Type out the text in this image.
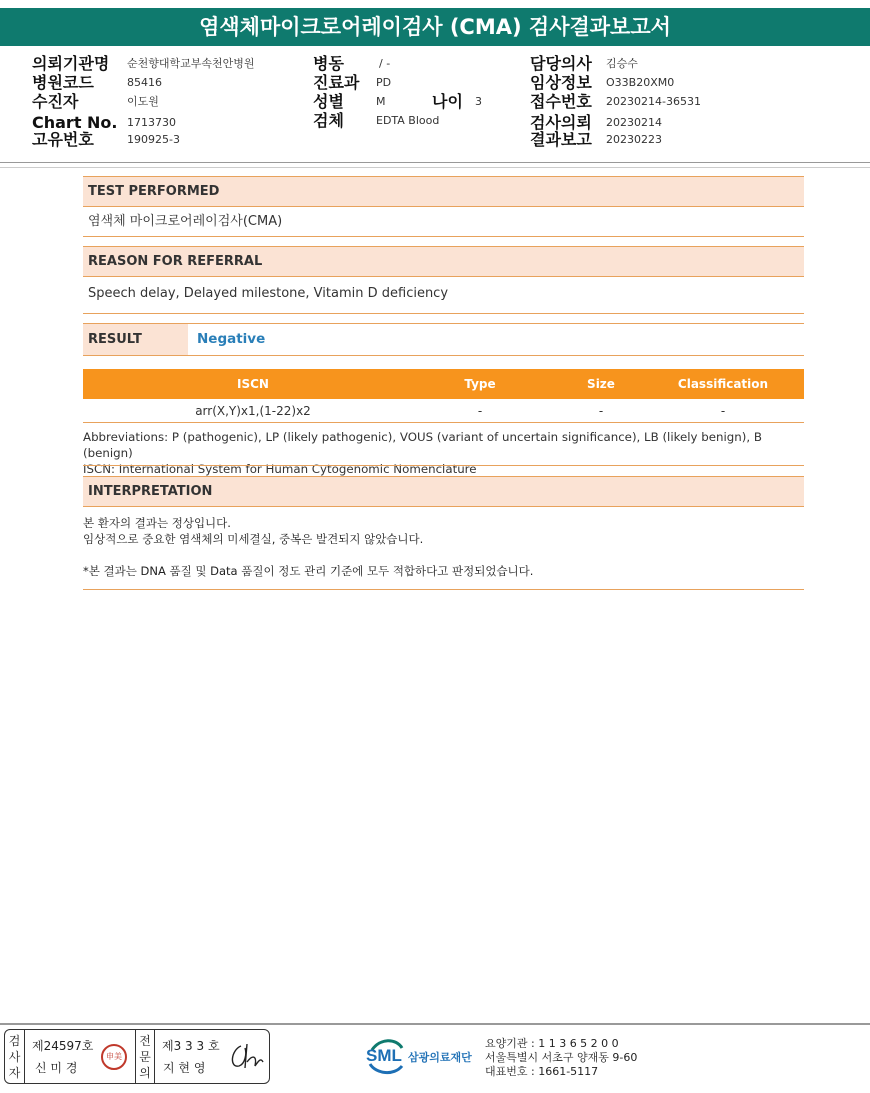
염색체마이크로어레이검사 (CMA) 검사결과보고서
의뢰기관명 순천향대학교부속천안병원
병원코드	85416
수진자	이도원
Chart No. 1713730
고유번호	190925-3
병동	/ -
진료과 PD
성별	M	나이 3
검체	EDTA Blood
담당의사 김승수
임상정보 O33B20XM0
접수번호 20230214-36531
검사의뢰 20230214
결과보고 20230223
TEST PERFORMED
염색체 마이크로어레이검사(CMA)
REASON FOR REFERRAL
Speech delay, Delayed milestone, Vitamin D deficiency
RESULT	Negative
ISCN	Type	Size	Classification
arr(X,Y)x1,(1-22)x2	-	-	-
Abbreviations: P (pathogenic), LP (likely pathogenic), VOUS (variant of uncertain significance), LB (likely benign), B (benign)
ISCN: International System for Human Cytogenomic Nomenclature
INTERPRETATION
본 환자의 결과는 정상입니다.
임상적으로 중요한 염색체의 미세결실, 중복은 발견되지 않았습니다.
*본 결과는 DNA 품질 및 Data 품질이 정도 관리 기준에 모두 적합하다고 판정되었습니다.
검사자
제24597호
신 미 경
申美
전문의
제3 3 3 호
지 현 영
SML 삼광의료재단
요양기관 : 1 1 3 6 5 2 0 0
서울특별시 서초구 양재동 9-60
대표번호 : 1661-5117
